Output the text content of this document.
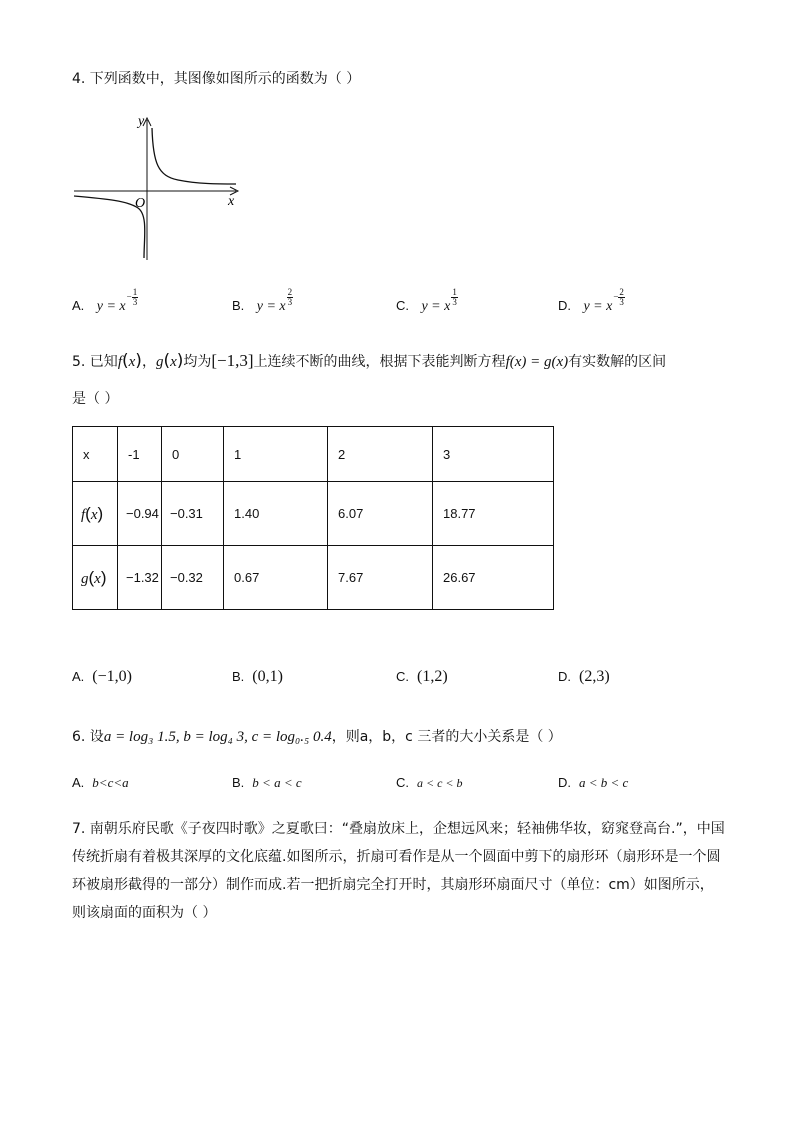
4. 下列函数中，其图像如图所示的函数为（ ）
y
x
O
A. $y = x- \frac{1}{3}$	B. y = x $\frac{2}{3}$	C. y = x $\frac{1}{3}$	D. $y = x- \frac{2}{3}$
5. 已知f(x)，g(x)均为[−1,3]上连续不断的曲线，根据下表能判断方程f(x) = g(x)有实数解的区间
是（ ）
x	-1	0	1	2	3
f(x)	−0.94	−0.31	1.40	6.07	18.77
g(x)	−1.32	−0.32	0.67	7.67	26.67
A. (−1,0)	B. (0,1)	C. (1,2)	D. (2,3)
6. 设a = log₃ 1.5, b = log₄ 3, c = log₀.₅ 0.4，则a，b，c 三者的大小关系是（ ）
A. b<c<a	B. b < a < c	C. a < c < b	D. a < b < c
7. 南朝乐府民歌《子夜四时歌》之夏歌曰：“叠扇放床上，企想远风来；轻袖佛华妆，窈窕登高台.”，中国
传统折扇有着极其深厚的文化底蕴.如图所示，折扇可看作是从一个圆面中剪下的扇形环（扇形环是一个圆
环被扇形截得的一部分）制作而成.若一把折扇完全打开时，其扇形环扇面尺寸（单位：cm）如图所示，
则该扇面的面积为（ ）
